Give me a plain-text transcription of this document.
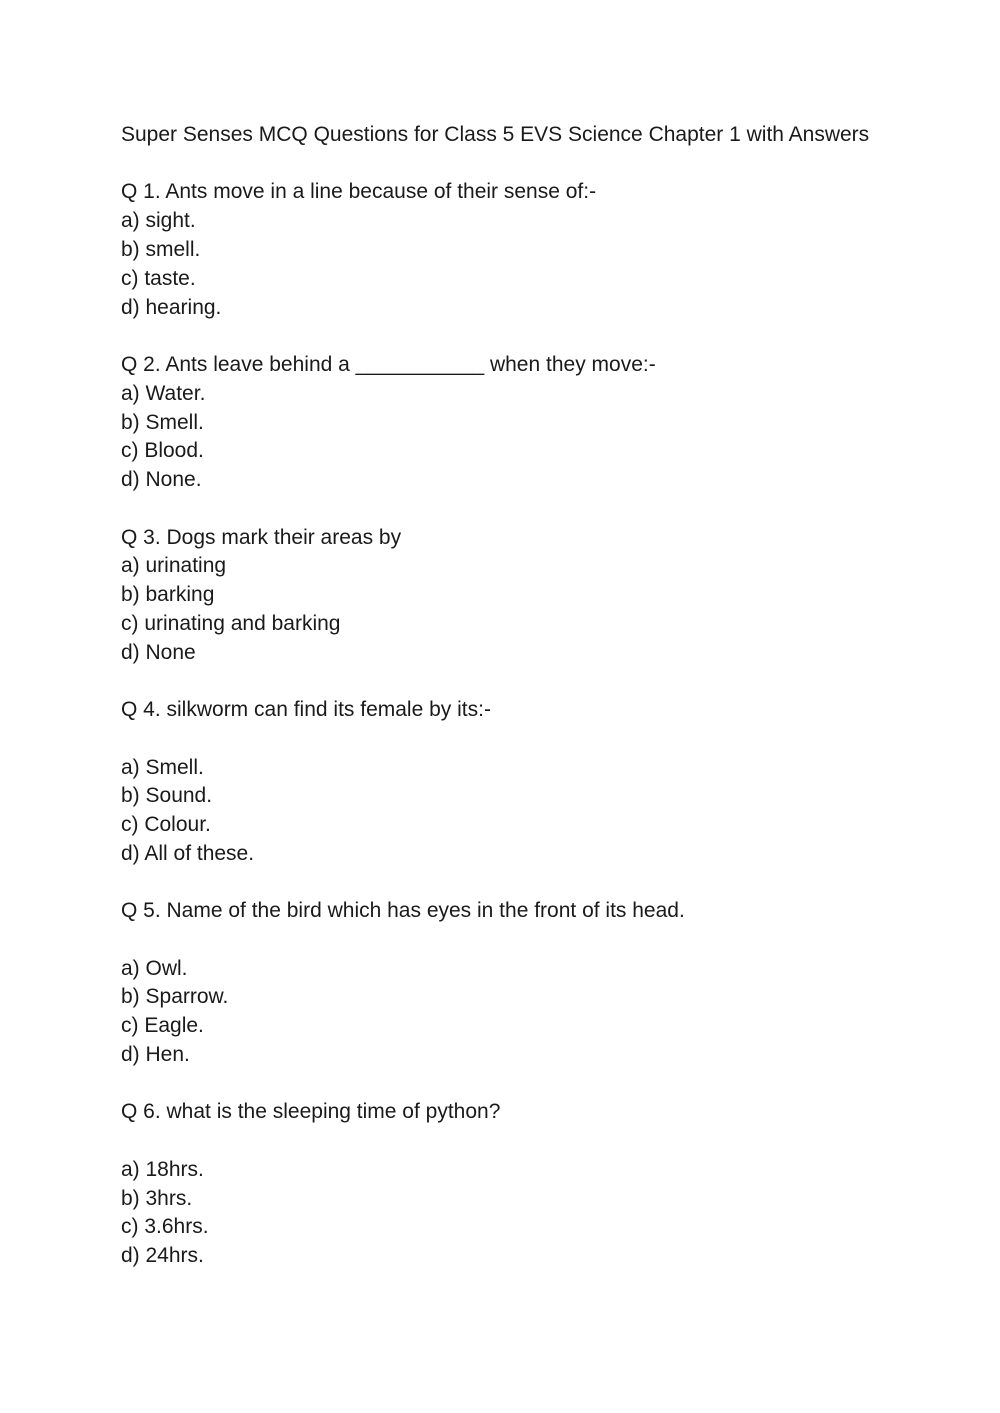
Super Senses MCQ Questions for Class 5 EVS Science Chapter 1 with Answers
Q 1. Ants move in a line because of their sense of:-
a) sight.
b) smell.
c) taste.
d) hearing.
Q 2. Ants leave behind a ___________ when they move:-
a) Water.
b) Smell.
c) Blood.
d) None.
Q 3. Dogs mark their areas by
a) urinating
b) barking
c) urinating and barking
d) None
Q 4. silkworm can find its female by its:-
a) Smell.
b) Sound.
c) Colour.
d) All of these.
Q 5. Name of the bird which has eyes in the front of its head.
a) Owl.
b) Sparrow.
c) Eagle.
d) Hen.
Q 6. what is the sleeping time of python?
a) 18hrs.
b) 3hrs.
c) 3.6hrs.
d) 24hrs.
